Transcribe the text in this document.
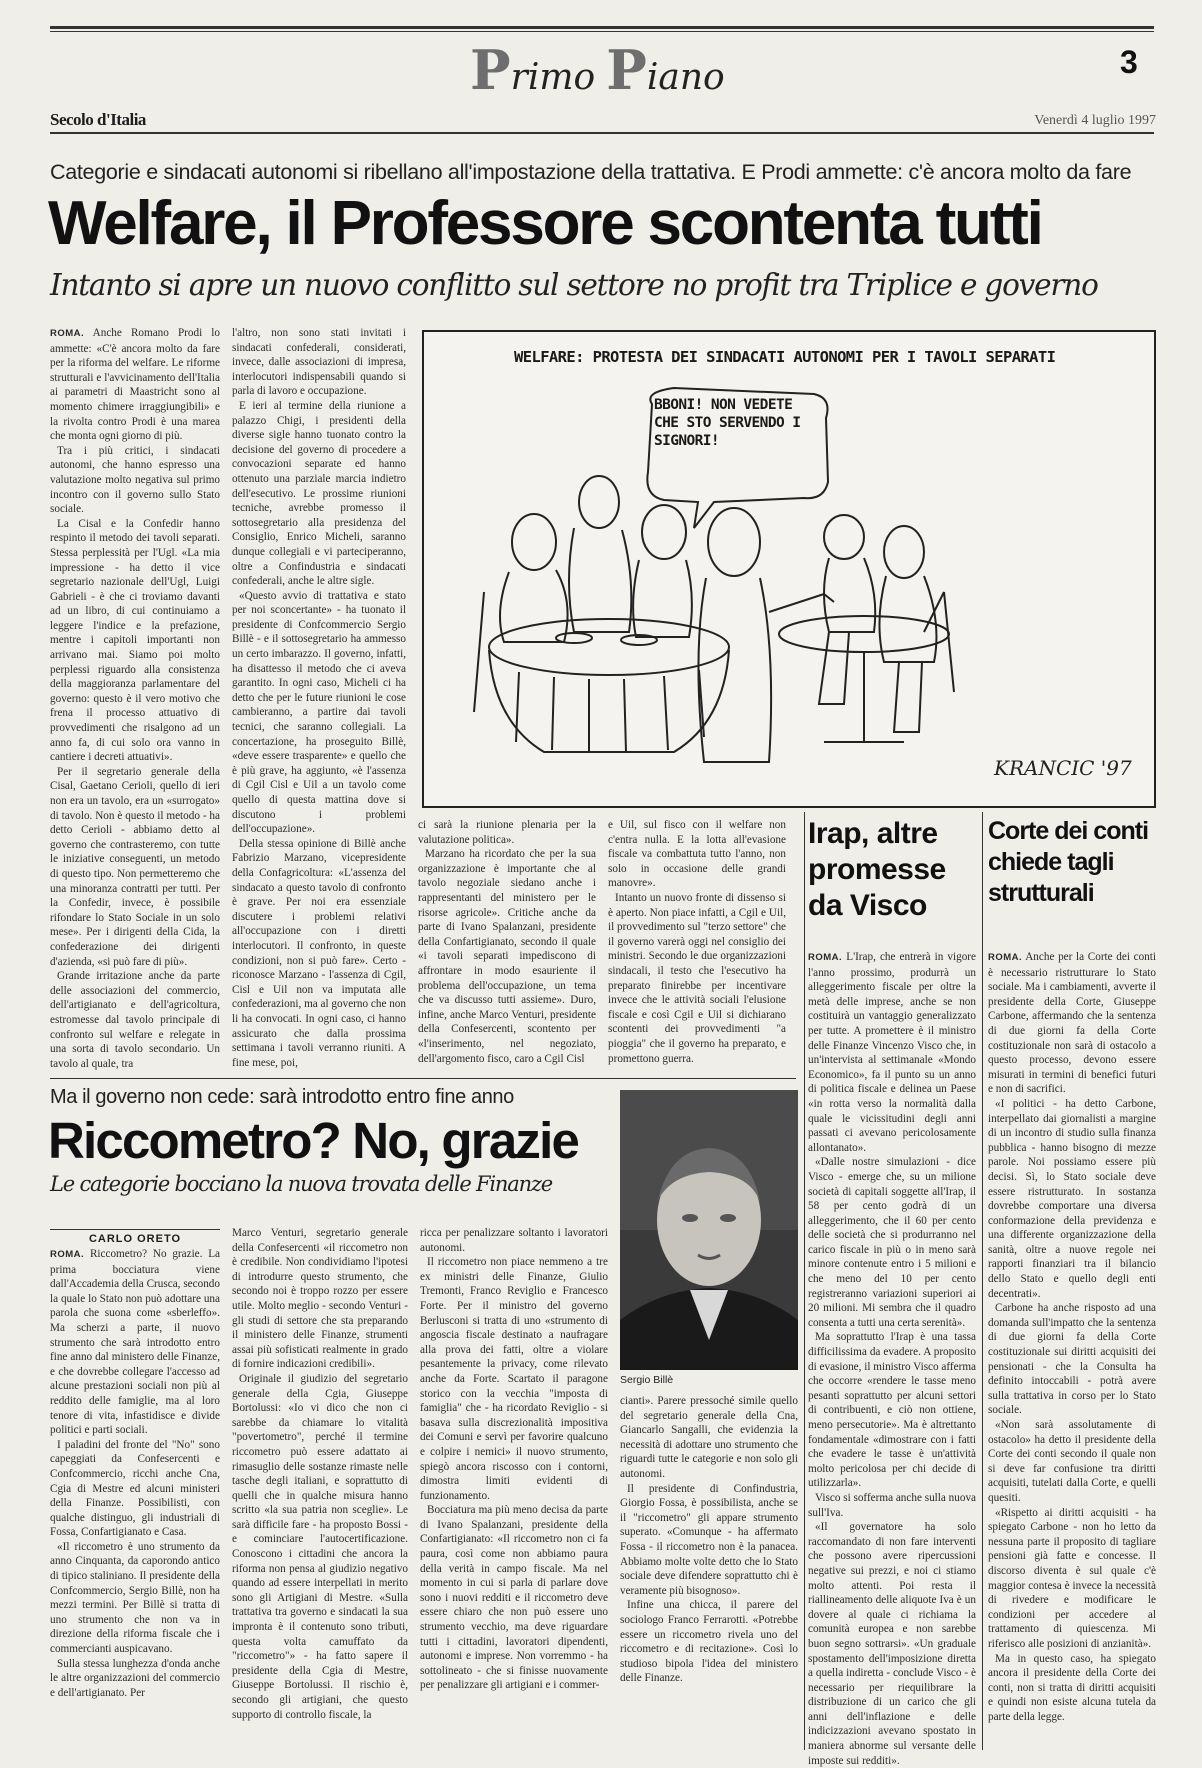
Primo Piano	3
Secolo d'Italia	Venerdì 4 luglio 1997
Categorie e sindacati autonomi si ribellano all'impostazione della trattativa. E Prodi ammette: c'è ancora molto da fare
Welfare, il Professore scontenta tutti
Intanto si apre un nuovo conflitto sul settore no profit tra Triplice e governo

ROMA. Anche Romano Prodi lo ammette: «C'è ancora molto da fare per la riforma del welfare. Le riforme strutturali e l'avvicinamento dell'Italia ai parametri di Maastricht sono al momento chimere irraggiungibili» e la rivolta contro Prodi è una marea che monta ogni giorno di più.

Tra i più critici, i sindacati autonomi, che hanno espresso una valutazione molto negativa sul primo incontro con il governo sullo Stato sociale.

La Cisal e la Confedir hanno respinto il metodo dei tavoli separati. Stessa perplessità per l'Ugl. «La mia impressione - ha detto il vice segretario nazionale dell'Ugl, Luigi Gabrieli - è che ci troviamo davanti ad un libro, di cui continuiamo a leggere l'indice e la prefazione, mentre i capitoli importanti non arrivano mai. Siamo poi molto perplessi riguardo alla consistenza della maggioranza parlamentare del governo: questo è il vero motivo che frena il processo attuativo di provvedimenti che risalgono ad un anno fa, di cui solo ora vanno in cantiere i decreti attuativi».

Per il segretario generale della Cisal, Gaetano Cerioli, quello di ieri non era un tavolo, era un «surrogato» di tavolo. Non è questo il metodo - ha detto Cerioli - abbiamo detto al governo che contrasteremo, con tutte le iniziative conseguenti, un metodo di questo tipo. Non permetteremo che una minoranza contratti per tutti. Per la Confedir, invece, è possibile rifondare lo Stato Sociale in un solo mese». Per i dirigenti della Cida, la confederazione dei dirigenti d'azienda, «si può fare di più».

Grande irritazione anche da parte delle associazioni del commercio, dell'artigianato e dell'agricoltura, estromesse dal tavolo principale di confronto sul welfare e relegate in una sorta di tavolo secondario. Un tavolo al quale, tra

l'altro, non sono stati invitati i sindacati confederali, considerati, invece, dalle associazioni di impresa, interlocutori indispensabili quando si parla di lavoro e occupazione.

E ieri al termine della riunione a palazzo Chigi, i presidenti della diverse sigle hanno tuonato contro la decisione del governo di procedere a convocazioni separate ed hanno ottenuto una parziale marcia indietro dell'esecutivo. Le prossime riunioni tecniche, avrebbe promesso il sottosegretario alla presidenza del Consiglio, Enrico Micheli, saranno dunque collegiali e vi parteciperanno, oltre a Confindustria e sindacati confederali, anche le altre sigle.

«Questo avvio di trattativa e stato per noi sconcertante» - ha tuonato il presidente di Confcommercio Sergio Billè - e il sottosegretario ha ammesso un certo imbarazzo. Il governo, infatti, ha disattesso il metodo che ci aveva garantito. In ogni caso, Micheli ci ha detto che per le future riunioni le cose cambieranno, a partire dai tavoli tecnici, che saranno collegiali. La concertazione, ha proseguito Billè, «deve essere trasparente» e quello che è più grave, ha aggiunto, «è l'assenza di Cgil Cisl e Uil a un tavolo come quello di questa mattina dove si discutono i problemi dell'occupazione».

Della stessa opinione di Billè anche Fabrizio Marzano, vicepresidente della Confagricoltura: «L'assenza del sindacato a questo tavolo di confronto è grave. Per noi era essenziale discutere i problemi relativi all'occupazione con i diretti interlocutori. Il confronto, in queste condizioni, non si può fare». Certo - riconosce Marzano - l'assenza di Cgil, Cisl e Uil non va imputata alle confederazioni, ma al governo che non li ha convocati. In ogni caso, ci hanno assicurato che dalla prossima settimana i tavoli verranno riuniti. A fine mese, poi,

ci sarà la riunione plenaria per la valutazione politica».

Marzano ha ricordato che per la sua organizzazione è importante che al tavolo negoziale siedano anche i rappresentanti del ministero per le risorse agricole». Critiche anche da parte di Ivano Spalanzani, presidente della Confartigianato, secondo il quale «i tavoli separati impediscono di affrontare in modo esauriente il problema dell'occupazione, un tema che va discusso tutti assieme». Duro, infine, anche Marco Venturi, presidente della Confesercenti, scontento per «l'inserimento, nel negoziato, dell'argomento fisco, caro a Cgil Cisl

e Uil, sul fisco con il welfare non c'entra nulla. E la lotta all'evasione fiscale va combattuta tutto l'anno, non solo in occasione delle grandi manovre».

Intanto un nuovo fronte di dissenso si è aperto. Non piace infatti, a Cgil e Uil, il provvedimento sul "terzo settore" che il governo varerà oggi nel consiglio dei ministri. Secondo le due organizzazioni sindacali, il testo che l'esecutivo ha preparato finirebbe per incentivare invece che le attività sociali l'elusione fiscale e così Cgil e Uil si dichiarano scontenti dei provvedimenti "a pioggia" che il governo ha preparato, e promettono guerra.

WELFARE: PROTESTA DEI SINDACATI AUTONOMI PER I TAVOLI SEPARATI
BBONI! NON VEDETE
CHE STO SERVENDO I
SIGNORI!
KRANCIC '97
Irap, altre
promesse
da Visco

ROMA. L'Irap, che entrerà in vigore l'anno prossimo, produrrà un alleggerimento fiscale per oltre la metà delle imprese, anche se non costituirà un vantaggio generalizzato per tutte. A promettere è il ministro delle Finanze Vincenzo Visco che, in un'intervista al settimanale «Mondo Economico», fa il punto su un anno di politica fiscale e delinea un Paese «in rotta verso la normalità dalla quale le vicissitudini degli anni passati ci avevano pericolosamente allontanato».

«Dalle nostre simulazioni - dice Visco - emerge che, su un milione società di capitali soggette all'Irap, il 58 per cento godrà di un alleggerimento, che il 60 per cento delle società che si produrranno nel carico fiscale in più o in meno sarà minore contenute entro i 5 milioni e che meno del 10 per cento registreranno variazioni superiori ai 20 milioni. Mi sembra che il quadro consenta a tutti una certa serenità».

Ma soprattutto l'Irap è una tassa difficilissima da evadere. A proposito di evasione, il ministro Visco afferma che occorre «rendere le tasse meno pesanti soprattutto per alcuni settori di contribuenti, e ciò non ottiene, meno persecutorie». Ma è altrettanto fondamentale «dimostrare con i fatti che evadere le tasse è un'attività molto pericolosa per chi decide di utilizzarla».

Visco si sofferma anche sulla nuova sull'Iva.

«Il governatore ha solo raccomandato di non fare interventi che possono avere ripercussioni negative sui prezzi, e noi ci stiamo molto attenti. Poi resta il riallineamento delle aliquote Iva è un dovere al quale ci richiama la comunità europea e non sarebbe buon segno sottrarsi». «Un graduale spostamento dell'imposizione diretta a quella indiretta - conclude Visco - è necessario per riequilibrare la distribuzione di un carico che gli anni dell'inflazione e delle indicizzazioni avevano spostato in maniera abnorme sul versante delle imposte sui redditi».

Corte dei conti
chiede tagli
strutturali

ROMA. Anche per la Corte dei conti è necessario ristrutturare lo Stato sociale. Ma i cambiamenti, avverte il presidente della Corte, Giuseppe Carbone, affermando che la sentenza di due giorni fa della Corte costituzionale non sarà di ostacolo a questo processo, devono essere misurati in termini di benefici futuri e non di sacrifici.

«I politici - ha detto Carbone, interpellato dai giornalisti a margine di un incontro di studio sulla finanza pubblica - hanno bisogno di mezze parole. Noi possiamo essere più decisi. Sì, lo Stato sociale deve essere ristrutturato. In sostanza dovrebbe comportare una diversa conformazione della previdenza e una differente organizzazione della sanità, oltre a nuove regole nei rapporti finanziari tra il bilancio dello Stato e quello degli enti decentrati».

Carbone ha anche risposto ad una domanda sull'impatto che la sentenza di due giorni fa della Corte costituzionale sui diritti acquisiti dei pensionati - che la Consulta ha definito intoccabili - potrà avere sulla trattativa in corso per lo Stato sociale.

«Non sarà assolutamente di ostacolo» ha detto il presidente della Corte dei conti secondo il quale non si deve far confusione tra diritti acquisiti, tutelati dalla Corte, e quelli quesiti.

«Rispetto ai diritti acquisiti - ha spiegato Carbone - non ho letto da nessuna parte il proposito di tagliare pensioni già fatte e concesse. Il discorso diventa è sul quale c'è maggior contesa è invece la necessità di rivedere e modificare le condizioni per accedere al trattamento di quiescenza. Mi riferisco alle posizioni di anzianità».

Ma in questo caso, ha spiegato ancora il presidente della Corte dei conti, non si tratta di diritti acquisiti e quindi non esiste alcuna tutela da parte della legge.

Ma il governo non cede: sarà introdotto entro fine anno
Riccometro? No, grazie
Le categorie bocciano la nuova trovata delle Finanze
Sergio Billè
CARLO ORETO

ROMA. Riccometro? No grazie. La prima bocciatura viene dall'Accademia della Crusca, secondo la quale lo Stato non può adottare una parola che suona come «sberleffo». Ma scherzi a parte, il nuovo strumento che sarà introdotto entro fine anno dal ministero delle Finanze, e che dovrebbe collegare l'accesso ad alcune prestazioni sociali non più al reddito delle famiglie, ma al loro tenore di vita, infastidisce e divide politici e parti sociali.

I paladini del fronte del "No" sono capeggiati da Confesercenti e Confcommercio, ricchi anche Cna, Cgia di Mestre ed alcuni ministeri della Finanze. Possibilisti, con qualche distinguo, gli industriali di Fossa, Confartigianato e Casa.

«Il riccometro è uno strumento da anno Cinquanta, da caporondo antico di tipico staliniano. Il presidente della Confcommercio, Sergio Billè, non ha mezzi termini. Per Billè si tratta di uno strumento che non va in direzione della riforma fiscale che i commercianti auspicavano.

Sulla stessa lunghezza d'onda anche le altre organizzazioni del commercio e dell'artigianato. Per

Marco Venturi, segretario generale della Confesercenti «il riccometro non è credibile. Non condividiamo l'ipotesi di introdurre questo strumento, che secondo noi è troppo rozzo per essere utile. Molto meglio - secondo Venturi - gli studi di settore che sta preparando il ministero delle Finanze, strumenti assai più sofisticati realmente in grado di fornire indicazioni credibili».

Originale il giudizio del segretario generale della Cgia, Giuseppe Bortolussi: «Io vi dico che non ci sarebbe da chiamare lo vitalità "povertometro", perché il termine riccometro può essere adattato ai rimasuglio delle sostanze rimaste nelle tasche degli italiani, e soprattutto di quelli che in qualche misura hanno scritto «la sua patria non sceglie». Le sarà difficile fare - ha proposto Bossi - e cominciare l'autocertificazione. Conoscono i cittadini che ancora la riforma non pensa al giudizio negativo quando ad essere interpellati in merito sono gli Artigiani di Mestre. «Sulla trattativa tra governo e sindacati la sua impronta è il contenuto sono tributi, questa volta camuffato da "riccometro"» - ha fatto sapere il presidente della Cgia di Mestre, Giuseppe Bortolussi. Il rischio è, secondo gli artigiani, che questo supporto di controllo fiscale, la

ricca per penalizzare soltanto i lavoratori autonomi.

Il riccometro non piace nemmeno a tre ex ministri delle Finanze, Giulio Tremonti, Franco Reviglio e Francesco Forte. Per il ministro del governo Berlusconi si tratta di uno «strumento di angoscia fiscale destinato a naufragare alla prova dei fatti, oltre a violare pesantemente la privacy, come rilevato anche da Forte. Scartato il paragone storico con la vecchia "imposta di famiglia" che - ha ricordato Reviglio - si basava sulla discrezionalità impositiva dei Comuni e servì per favorire qualcuno e colpire i nemici» il nuovo strumento, spiegò ancora riscosso con i contorni, dimostra limiti evidenti di funzionamento.

Bocciatura ma più meno decisa da parte di Ivano Spalanzani, presidente della Confartigianato: «Il riccometro non ci fa paura, così come non abbiamo paura della verità in campo fiscale. Ma nel momento in cui si parla di parlare dove sono i nuovi redditi e il riccometro deve essere chiaro che non può essere uno strumento vecchio, ma deve riguardare tutti i cittadini, lavoratori dipendenti, autonomi e imprese. Non vorremmo - ha sottolineato - che si finisse nuovamente per penalizzare gli artigiani e i commer-

cianti». Parere pressoché simile quello del segretario generale della Cna, Giancarlo Sangalli, che evidenzia la necessità di adottare uno strumento che riguardi tutte le categorie e non solo gli autonomi.

Il presidente di Confindustria, Giorgio Fossa, è possibilista, anche se il "riccometro" gli appare strumento superato. «Comunque - ha affermato Fossa - il riccometro non è la panacea. Abbiamo molte volte detto che lo Stato sociale deve difendere soprattutto chi è veramente più bisognoso».

Infine una chicca, il parere del sociologo Franco Ferrarotti. «Potrebbe essere un riccometro rivela uno del riccometro e di recitazione». Così lo studioso bipola l'idea del ministero delle Finanze.
